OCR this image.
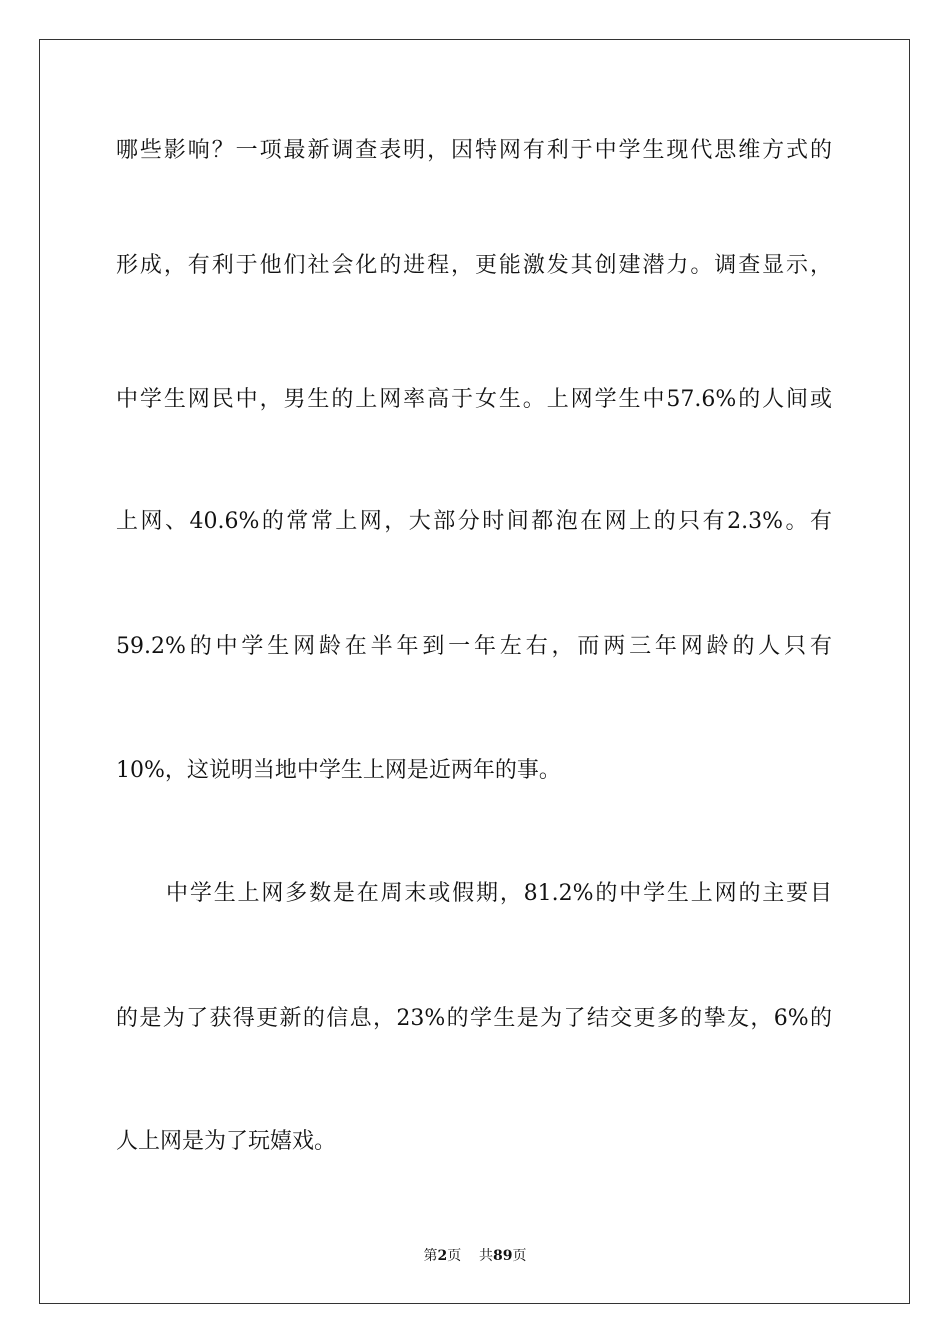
哪些影响？一项最新调查表明，因特网有利于中学生现代思维方式的
形成，有利于他们社会化的进程，更能激发其创建潜力。调查显示，
中学生网民中，男生的上网率高于女生。上网学生中57.6%的人间或
上网、40.6%的常常上网，大部分时间都泡在网上的只有2.3%。有
59.2%的中学生网龄在半年到一年左右，而两三年网龄的人只有
10%，这说明当地中学生上网是近两年的事。
中学生上网多数是在周末或假期，81.2%的中学生上网的主要目
的是为了获得更新的信息，23%的学生是为了结交更多的挚友，6%的
人上网是为了玩嬉戏。
第2页 共89页
